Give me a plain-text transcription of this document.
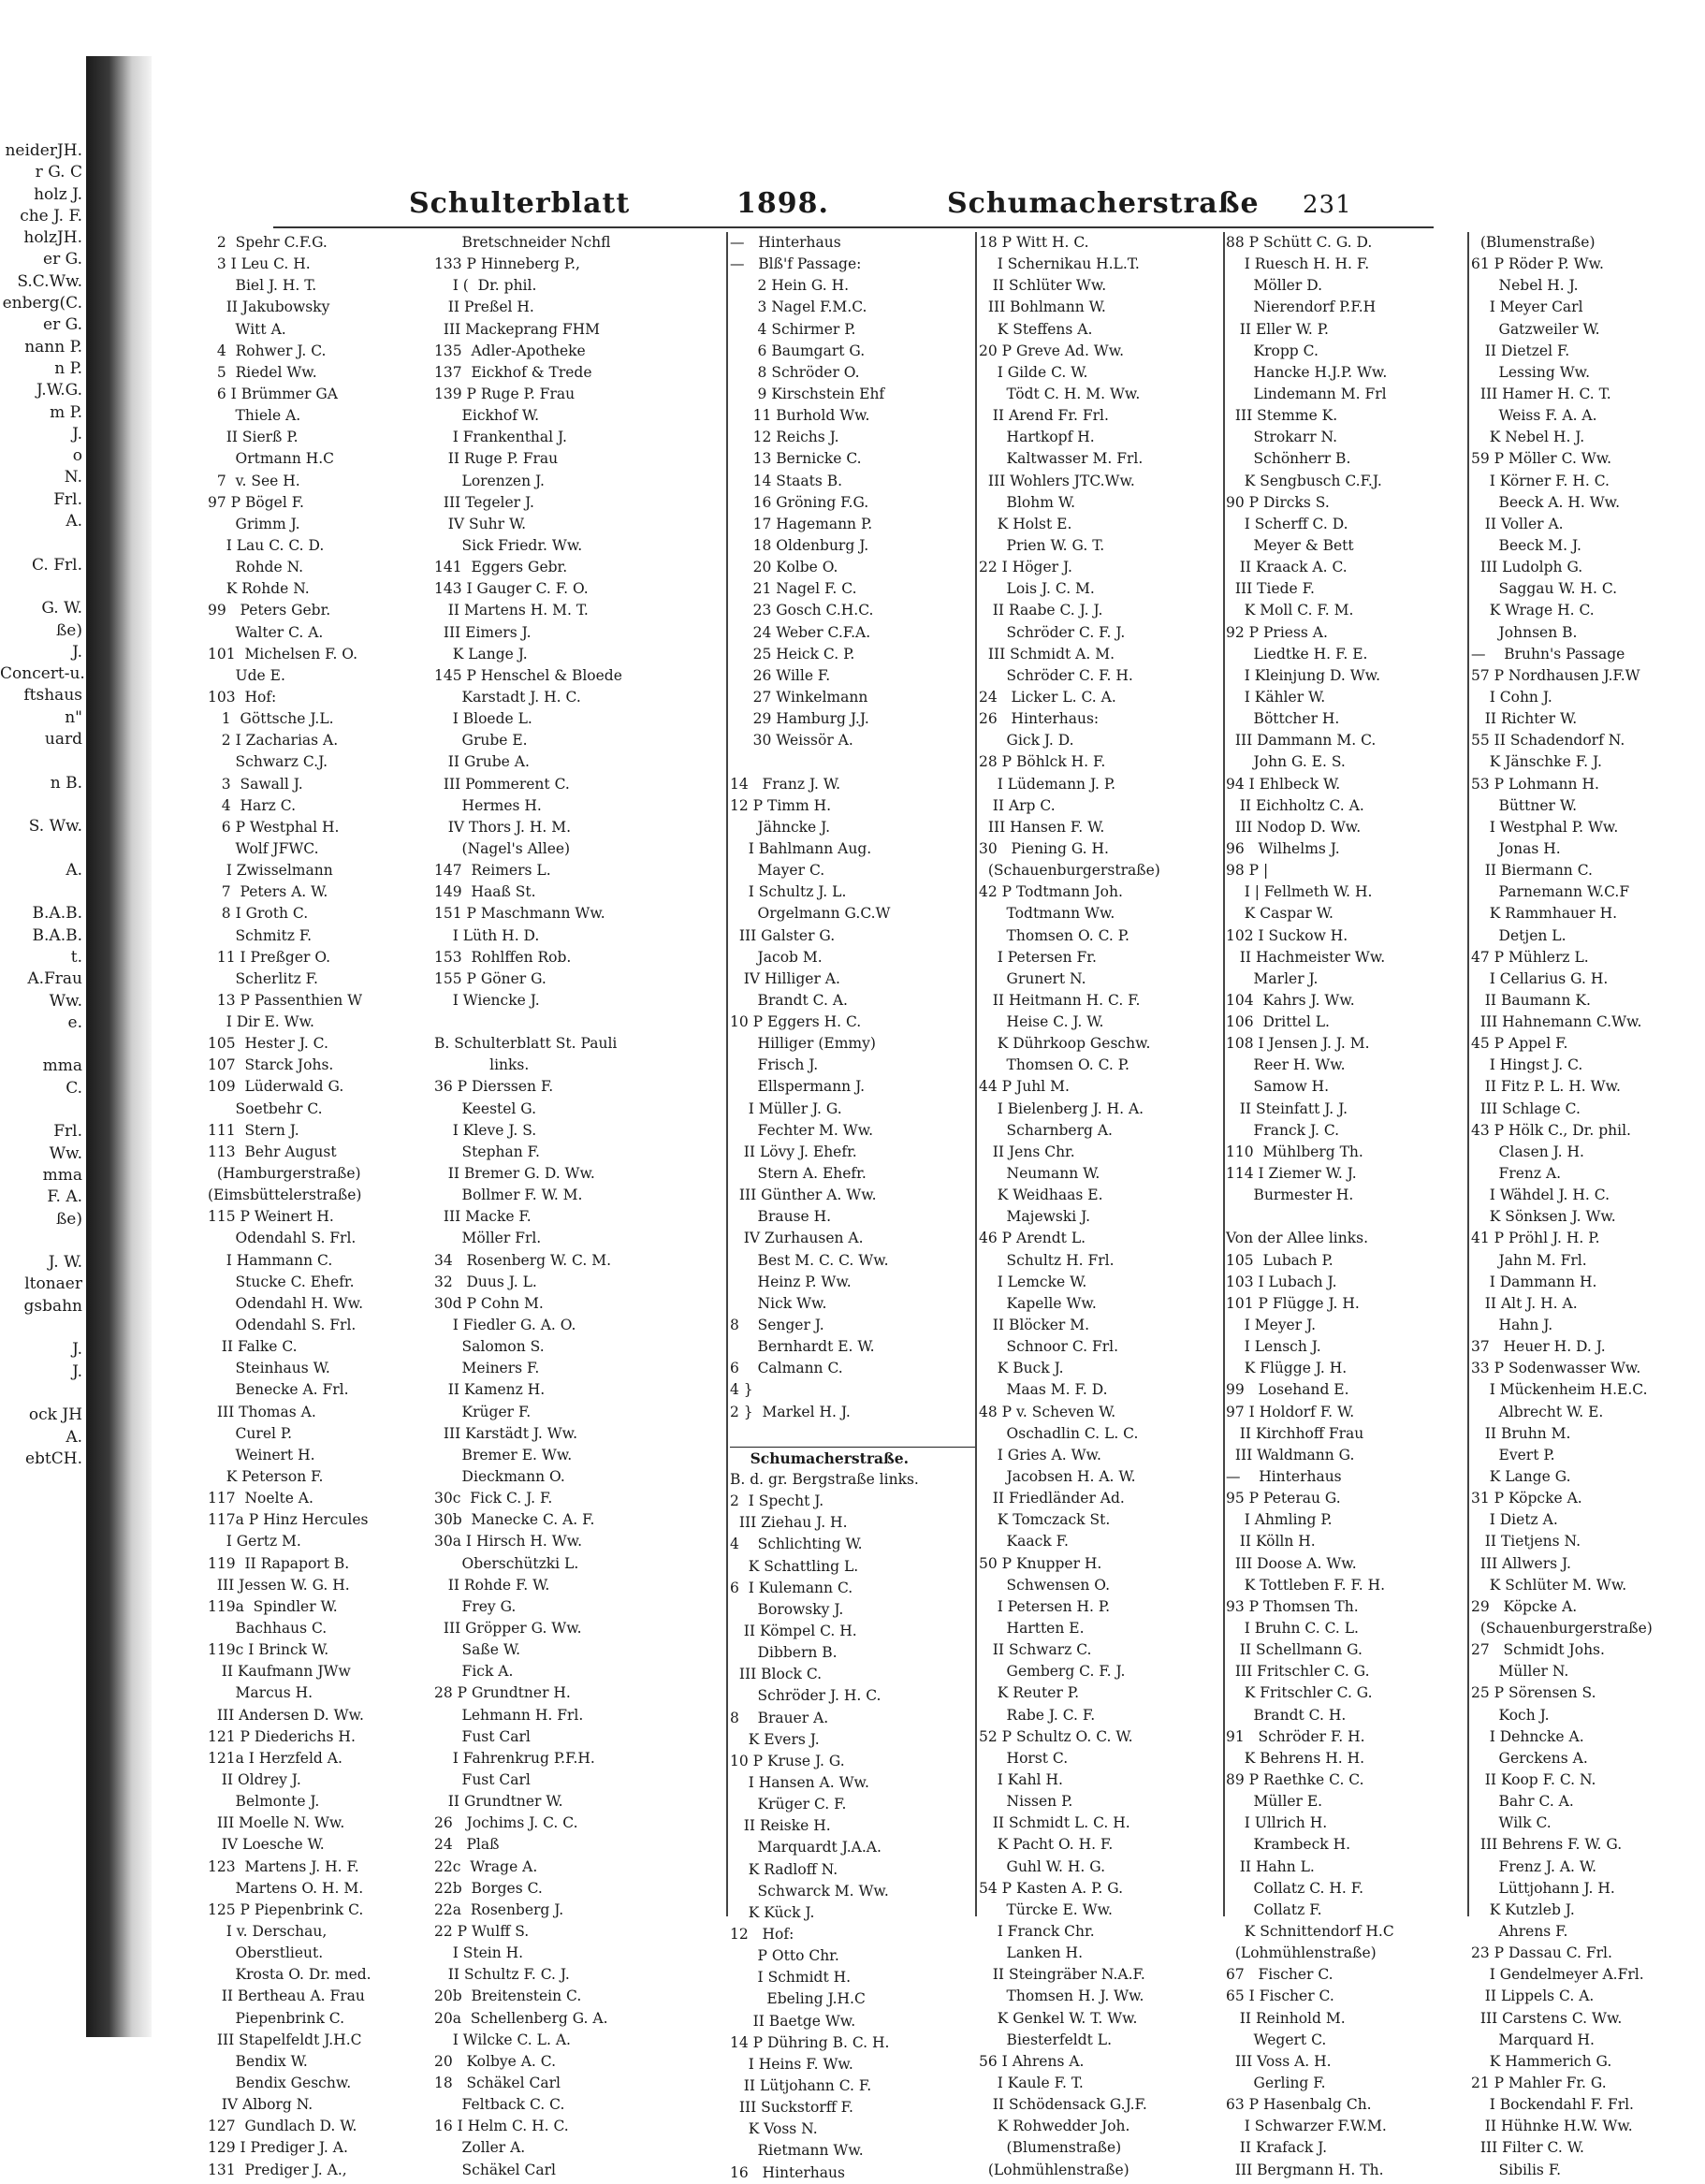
neiderJH.
r G. C
holz J.
che J. F.
holzJH.
er G.
S.C.Ww.
enberg(C.
er G.
nann P.
n P.
J.W.G.
m P.
J.
o
N.
Frl.
A.
C. Frl.
G. W.
ße)
J.
Concert-u.
ftshaus
n"
uard
n B.
S. Ww.
A.
B.A.B.
B.A.B.
t.
A.Frau
Ww.
e.
mma
C.
Frl.
Ww.
mma
F. A.
ße)
J. W.
ltonaer
gsbahn
J.
J.
ock JH
A.
ebtCH.
Schulterblatt	1898.	Schumacherstraße 231
2  Spehr C.F.G.
3 I Leu C. H.
Biel J. H. T.
II Jakubowsky
Witt A.
4  Rohwer J. C.
5  Riedel Ww.
6 I Brümmer GA
Thiele A.
II Sierß P.
Ortmann H.C
7  v. See H.
97 P Bögel F.
Grimm J.
I Lau C. C. D.
Rohde N.
K Rohde N.
99   Peters Gebr.
Walter C. A.
101  Michelsen F. O.
Ude E.
103  Hof:
1  Göttsche J.L.
2 I Zacharias A.
Schwarz C.J.
3  Sawall J.
4  Harz C.
6 P Westphal H.
Wolf JFWC.
I Zwisselmann
7  Peters A. W.
8 I Groth C.
Schmitz F.
11 I Preßger O.
Scherlitz F.
13 P Passenthien W
I Dir E. Ww.
105  Hester J. C.
107  Starck Johs.
109  Lüderwald G.
Soetbehr C.
111  Stern J.
113  Behr August
(Hamburgerstraße)
(Eimsbüttelerstraße)
115 P Weinert H.
Odendahl S. Frl.
I Hammann C.
Stucke C. Ehefr.
Odendahl H. Ww.
Odendahl S. Frl.
II Falke C.
Steinhaus W.
Benecke A. Frl.
III Thomas A.
Curel P.
Weinert H.
K Peterson F.
117  Noelte A.
117a P Hinz Hercules
I Gertz M.
119  II Rapaport B.
III Jessen W. G. H.
119a  Spindler W.
Bachhaus C.
119c I Brinck W.
II Kaufmann JWw
Marcus H.
III Andersen D. Ww.
121 P Diederichs H.
121a I Herzfeld A.
II Oldrey J.
Belmonte J.
III Moelle N. Ww.
IV Loesche W.
123  Martens J. H. F.
Martens O. H. M.
125 P Piepenbrink C.
I v. Derschau,
Oberstlieut.
Krosta O. Dr. med.
II Bertheau A. Frau
Piepenbrink C.
III Stapelfeldt J.H.C
Bendix W.
Bendix Geschw.
IV Alborg N.
127  Gundlach D. W.
129 I Prediger J. A.
131  Prediger J. A.,
Bretschneider Nchfl
133 P Hinneberg P.,
I (  Dr. phil.
II Preßel H.
III Mackeprang FHM
135  Adler-Apotheke
137  Eickhof & Trede
139 P Ruge P. Frau
Eickhof W.
I Frankenthal J.
II Ruge P. Frau
Lorenzen J.
III Tegeler J.
IV Suhr W.
Sick Friedr. Ww.
141  Eggers Gebr.
143 I Gauger C. F. O.
II Martens H. M. T.
III Eimers J.
K Lange J.
145 P Henschel & Bloede
Karstadt J. H. C.
I Bloede L.
Grube E.
II Grube A.
III Pommerent C.
Hermes H.
IV Thors J. H. M.
(Nagel's Allee)
147  Reimers L.
149  Haaß St.
151 P Maschmann Ww.
I Lüth H. D.
153  Rohlffen Rob.
155 P Göner G.
I Wiencke J.
B. Schulterblatt St. Pauli
links.
36 P Dierssen F.
Keestel G.
I Kleve J. S.
Stephan F.
II Bremer G. D. Ww.
Bollmer F. W. M.
III Macke F.
Möller Frl.
34   Rosenberg W. C. M.
32   Duus J. L.
30d P Cohn M.
I Fiedler G. A. O.
Salomon S.
Meiners F.
II Kamenz H.
Krüger F.
III Karstädt J. Ww.
Bremer E. Ww.
Dieckmann O.
30c  Fick C. J. F.
30b  Manecke C. A. F.
30a I Hirsch H. Ww.
Oberschützki L.
II Rohde F. W.
Frey G.
III Gröpper G. Ww.
Saße W.
Fick A.
28 P Grundtner H.
Lehmann H. Frl.
Fust Carl
I Fahrenkrug P.F.H.
Fust Carl
II Grundtner W.
26   Jochims J. C. C.
24   Plaß
22c  Wrage A.
22b  Borges C.
22a  Rosenberg J.
22 P Wulff S.
I Stein H.
II Schultz F. C. J.
20b  Breitenstein C.
20a  Schellenberg G. A.
I Wilcke C. L. A.
20   Kolbye A. C.
18   Schäkel Carl
Feltback C. C.
16 I Helm C. H. C.
Zoller A.
Schäkel Carl
—   Hinterhaus
—   Blß'f Passage:
2 Hein G. H.
3 Nagel F.M.C.
4 Schirmer P.
6 Baumgart G.
8 Schröder O.
9 Kirschstein Ehf
11 Burhold Ww.
12 Reichs J.
13 Bernicke C.
14 Staats B.
16 Gröning F.G.
17 Hagemann P.
18 Oldenburg J.
20 Kolbe O.
21 Nagel F. C.
23 Gosch C.H.C.
24 Weber C.F.A.
25 Heick C. P.
26 Wille F.
27 Winkelmann
29 Hamburg J.J.
30 Weissör A.
14   Franz J. W.
12 P Timm H.
Jähncke J.
I Bahlmann Aug.
Mayer C.
I Schultz J. L.
Orgelmann G.C.W
III Galster G.
Jacob M.
IV Hilliger A.
Brandt C. A.
10 P Eggers H. C.
Hilliger (Emmy)
Frisch J.
Ellspermann J.
I Müller J. G.
Fechter M. Ww.
II Lövy J. Ehefr.
Stern A. Ehefr.
III Günther A. Ww.
Brause H.
IV Zurhausen A.
Best M. C. C. Ww.
Heinz P. Ww.
Nick Ww.
8    Senger J.
Bernhardt E. W.
6    Calmann C.
4 }
2 }  Markel H. J.
Schumacherstraße.
B. d. gr. Bergstraße links.
2  I Specht J.
III Ziehau J. H.
4    Schlichting W.
K Schattling L.
6  I Kulemann C.
Borowsky J.
II Kömpel C. H.
Dibbern B.
III Block C.
Schröder J. H. C.
8    Brauer A.
K Evers J.
10 P Kruse J. G.
I Hansen A. Ww.
Krüger C. F.
II Reiske H.
Marquardt J.A.A.
K Radloff N.
Schwarck M. Ww.
K Kück J.
12   Hof:
P Otto Chr.
I Schmidt H.
Ebeling J.H.C
II Baetge Ww.
14 P Dühring B. C. H.
I Heins F. Ww.
II Lütjohann C. F.
III Suckstorff F.
K Voss N.
Rietmann Ww.
16   Hinterhaus
18 P Witt H. C.
I Schernikau H.L.T.
II Schlüter Ww.
III Bohlmann W.
K Steffens A.
20 P Greve Ad. Ww.
I Gilde C. W.
Tödt C. H. M. Ww.
II Arend Fr. Frl.
Hartkopf H.
Kaltwasser M. Frl.
III Wohlers JTC.Ww.
Blohm W.
K Holst E.
Prien W. G. T.
22 I Höger J.
Lois J. C. M.
II Raabe C. J. J.
Schröder C. F. J.
III Schmidt A. M.
Schröder C. F. H.
24   Licker L. C. A.
26   Hinterhaus:
Gick J. D.
28 P Böhlck H. F.
I Lüdemann J. P.
II Arp C.
III Hansen F. W.
30   Piening G. H.
(Schauenburgerstraße)
42 P Todtmann Joh.
Todtmann Ww.
Thomsen O. C. P.
I Petersen Fr.
Grunert N.
II Heitmann H. C. F.
Heise C. J. W.
K Dührkoop Geschw.
Thomsen O. C. P.
44 P Juhl M.
I Bielenberg J. H. A.
Scharnberg A.
II Jens Chr.
Neumann W.
K Weidhaas E.
Majewski J.
46 P Arendt L.
Schultz H. Frl.
I Lemcke W.
Kapelle Ww.
II Blöcker M.
Schnoor C. Frl.
K Buck J.
Maas M. F. D.
48 P v. Scheven W.
Oschadlin C. L. C.
I Gries A. Ww.
Jacobsen H. A. W.
II Friedländer Ad.
K Tomczack St.
Kaack F.
50 P Knupper H.
Schwensen O.
I Petersen H. P.
Hartten E.
II Schwarz C.
Gemberg C. F. J.
K Reuter P.
Rabe J. C. F.
52 P Schultz O. C. W.
Horst C.
I Kahl H.
Nissen P.
II Schmidt L. C. H.
K Pacht O. H. F.
Guhl W. H. G.
54 P Kasten A. P. G.
Türcke E. Ww.
I Franck Chr.
Lanken H.
II Steingräber N.A.F.
Thomsen H. J. Ww.
K Genkel W. T. Ww.
Biesterfeldt L.
56 I Ahrens A.
I Kaule F. T.
II Schödensack G.J.F.
K Rohwedder Joh.
(Blumenstraße)
(Lohmühlenstraße)
88 P Schütt C. G. D.
I Ruesch H. H. F.
Möller D.
Nierendorf P.F.H
II Eller W. P.
Kropp C.
Hancke H.J.P. Ww.
Lindemann M. Frl
III Stemme K.
Strokarr N.
Schönherr B.
K Sengbusch C.F.J.
90 P Dircks S.
I Scherff C. D.
Meyer & Bett
II Kraack A. C.
III Tiede F.
K Moll C. F. M.
92 P Priess A.
Liedtke H. F. E.
I Kleinjung D. Ww.
I Kähler W.
Böttcher H.
III Dammann M. C.
John G. E. S.
94 I Ehlbeck W.
II Eichholtz C. A.
III Nodop D. Ww.
96   Wilhelms J.
98 P |
I | Fellmeth W. H.
K Caspar W.
102 I Suckow H.
II Hachmeister Ww.
Marler J.
104  Kahrs J. Ww.
106  Drittel L.
108 I Jensen J. J. M.
Reer H. Ww.
Samow H.
II Steinfatt J. J.
Franck J. C.
110  Mühlberg Th.
114 I Ziemer W. J.
Burmester H.
Von der Allee links.
105  Lubach P.
103 I Lubach J.
101 P Flügge J. H.
I Meyer J.
I Lensch J.
K Flügge J. H.
99   Losehand E.
97 I Holdorf F. W.
II Kirchhoff Frau
III Waldmann G.
—    Hinterhaus
95 P Peterau G.
I Ahmling P.
II Kölln H.
III Doose A. Ww.
K Tottleben F. F. H.
93 P Thomsen Th.
I Bruhn C. C. L.
II Schellmann G.
III Fritschler C. G.
K Fritschler C. G.
Brandt C. H.
91   Schröder F. H.
K Behrens H. H.
89 P Raethke C. C.
Müller E.
I Ullrich H.
Krambeck H.
II Hahn L.
Collatz C. H. F.
Collatz F.
K Schnittendorf H.C
(Lohmühlenstraße)
67   Fischer C.
65 I Fischer C.
II Reinhold M.
Wegert C.
III Voss A. H.
Gerling F.
63 P Hasenbalg Ch.
I Schwarzer F.W.M.
II Krafack J.
III Bergmann H. Th.
(Blumenstraße)
61 P Röder P. Ww.
Nebel H. J.
I Meyer Carl
Gatzweiler W.
II Dietzel F.
Lessing Ww.
III Hamer H. C. T.
Weiss F. A. A.
K Nebel H. J.
59 P Möller C. Ww.
I Körner F. H. C.
Beeck A. H. Ww.
II Voller A.
Beeck M. J.
III Ludolph G.
Saggau W. H. C.
K Wrage H. C.
Johnsen B.
—    Bruhn's Passage
57 P Nordhausen J.F.W
I Cohn J.
II Richter W.
55 II Schadendorf N.
K Jänschke F. J.
53 P Lohmann H.
Büttner W.
I Westphal P. Ww.
Jonas H.
II Biermann C.
Parnemann W.C.F
K Rammhauer H.
Detjen L.
47 P Mühlerz L.
I Cellarius G. H.
II Baumann K.
III Hahnemann C.Ww.
45 P Appel F.
I Hingst J. C.
II Fitz P. L. H. Ww.
III Schlage C.
43 P Hölk C., Dr. phil.
Clasen J. H.
Frenz A.
I Wähdel J. H. C.
K Sönksen J. Ww.
41 P Pröhl J. H. P.
Jahn M. Frl.
I Dammann H.
II Alt J. H. A.
Hahn J.
37   Heuer H. D. J.
33 P Sodenwasser Ww.
I Mückenheim H.E.C.
Albrecht W. E.
II Bruhn M.
Evert P.
K Lange G.
31 P Köpcke A.
I Dietz A.
II Tietjens N.
III Allwers J.
K Schlüter M. Ww.
29   Köpcke A.
(Schauenburgerstraße)
27   Schmidt Johs.
Müller N.
25 P Sörensen S.
Koch J.
I Dehncke A.
Gerckens A.
II Koop F. C. N.
Bahr C. A.
Wilk C.
III Behrens F. W. G.
Frenz J. A. W.
Lüttjohann J. H.
K Kutzleb J.
Ahrens F.
23 P Dassau C. Frl.
I Gendelmeyer A.Frl.
II Lippels C. A.
III Carstens C. Ww.
Marquard H.
K Hammerich G.
21 P Mahler Fr. G.
I Bockendahl F. Frl.
II Hühnke H.W. Ww.
III Filter C. W.
Sibilis F.
